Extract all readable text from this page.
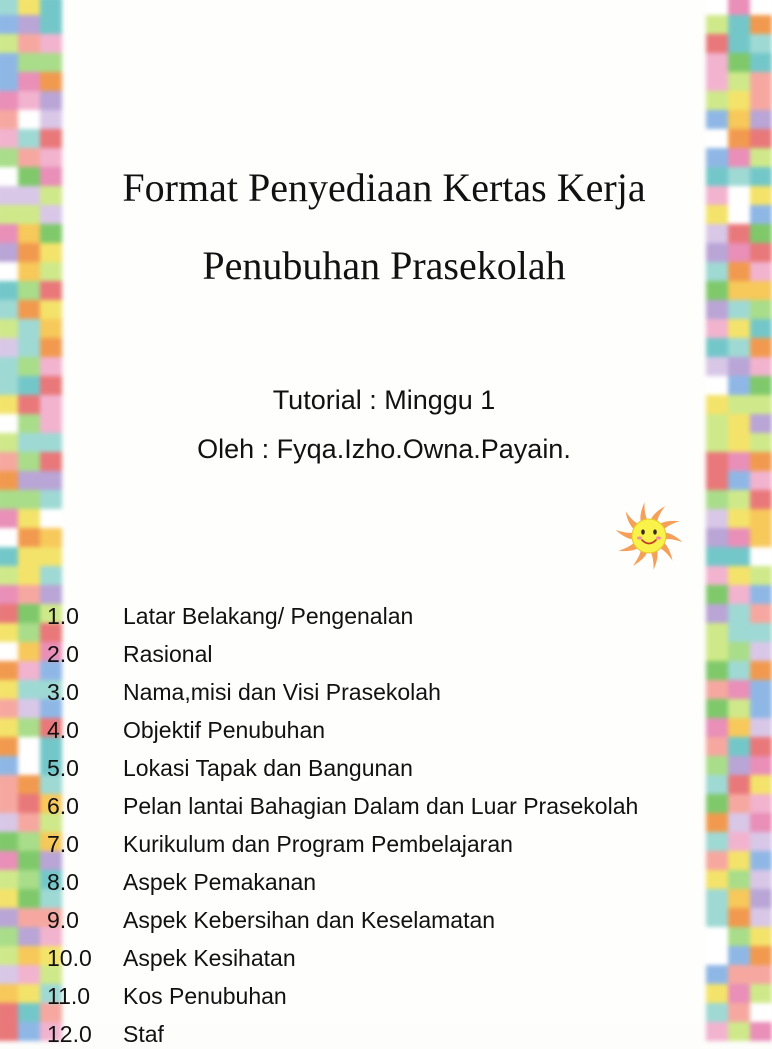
Format Penyediaan Kertas Kerja
Penubuhan Prasekolah
Tutorial : Minggu 1
Oleh : Fyqa.Izho.Owna.Payain.
1.0 Latar Belakang/ Pengenalan
2.0 Rasional
3.0 Nama,misi dan Visi Prasekolah
4.0 Objektif Penubuhan
5.0 Lokasi Tapak dan Bangunan
6.0 Pelan lantai Bahagian Dalam dan Luar Prasekolah
7.0 Kurikulum dan Program Pembelajaran
8.0 Aspek Pemakanan
9.0 Aspek Kebersihan dan Keselamatan
10.0 Aspek Kesihatan
11.0 Kos Penubuhan
12.0 Staf
